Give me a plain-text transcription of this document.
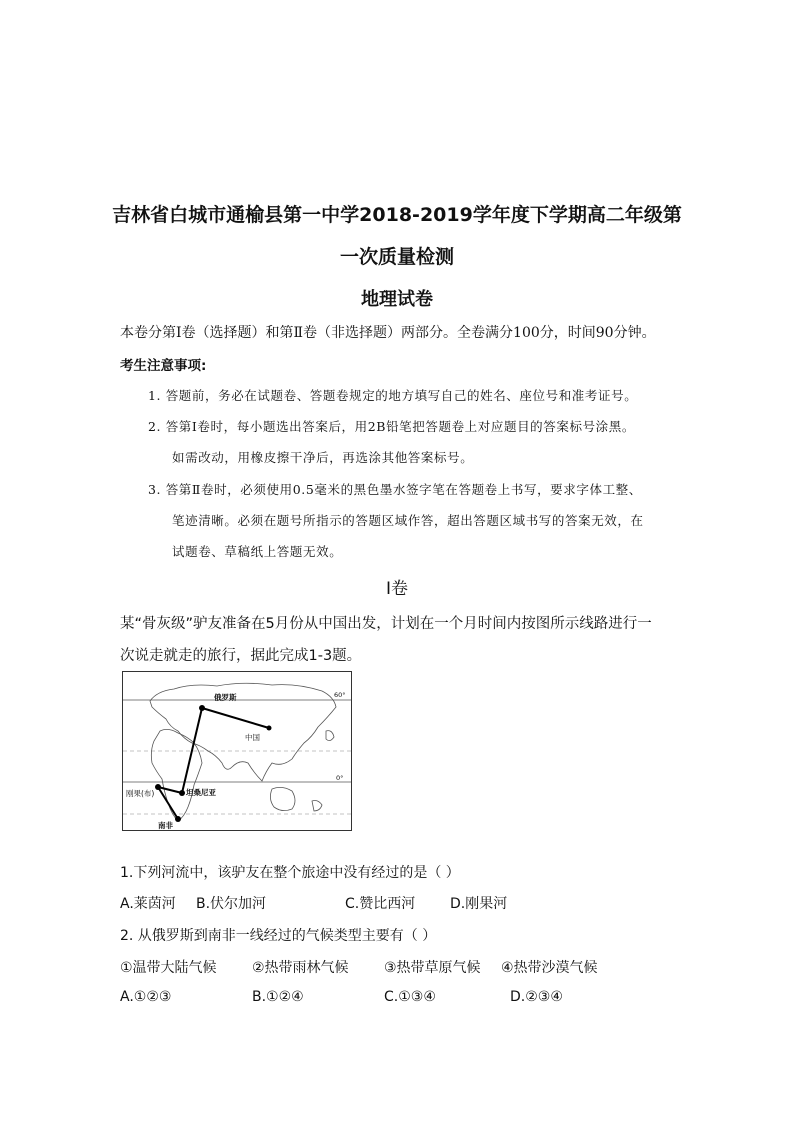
吉林省白城市通榆县第一中学2018-2019学年度下学期高二年级第
一次质量检测
地理试卷
本卷分第Ⅰ卷（选择题）和第Ⅱ卷（非选择题）两部分。全卷满分100分，时间90分钟。
考生注意事项:
1. 答题前，务必在试题卷、答题卷规定的地方填写自己的姓名、座位号和准考证号。
2. 答第Ⅰ卷时，每小题选出答案后，用2B铅笔把答题卷上对应题目的答案标号涂黑。
如需改动，用橡皮擦干净后，再选涂其他答案标号。
3. 答第Ⅱ卷时，必须使用0.5毫米的黑色墨水签字笔在答题卷上书写，要求字体工整、
笔迹清晰。必须在题号所指示的答题区域作答，超出答题区域书写的答案无效，在
试题卷、草稿纸上答题无效。
Ⅰ卷
某“骨灰级”驴友准备在5月份从中国出发，计划在一个月时间内按图所示线路进行一
次说走就走的旅行，据此完成1-3题。
俄罗斯
中国
坦桑尼亚
刚果(布)
南非
60°
0°
1.下列河流中，该驴友在整个旅途中没有经过的是（ ）
A.莱茵河 B.伏尔加河	C.赞比西河 D.刚果河
2. 从俄罗斯到南非一线经过的气候类型主要有（ ）
①温带大陆气候	②热带雨林气候	③热带草原气候 ④热带沙漠气候
A.①②③	B.①②④	C.①③④	D.②③④
